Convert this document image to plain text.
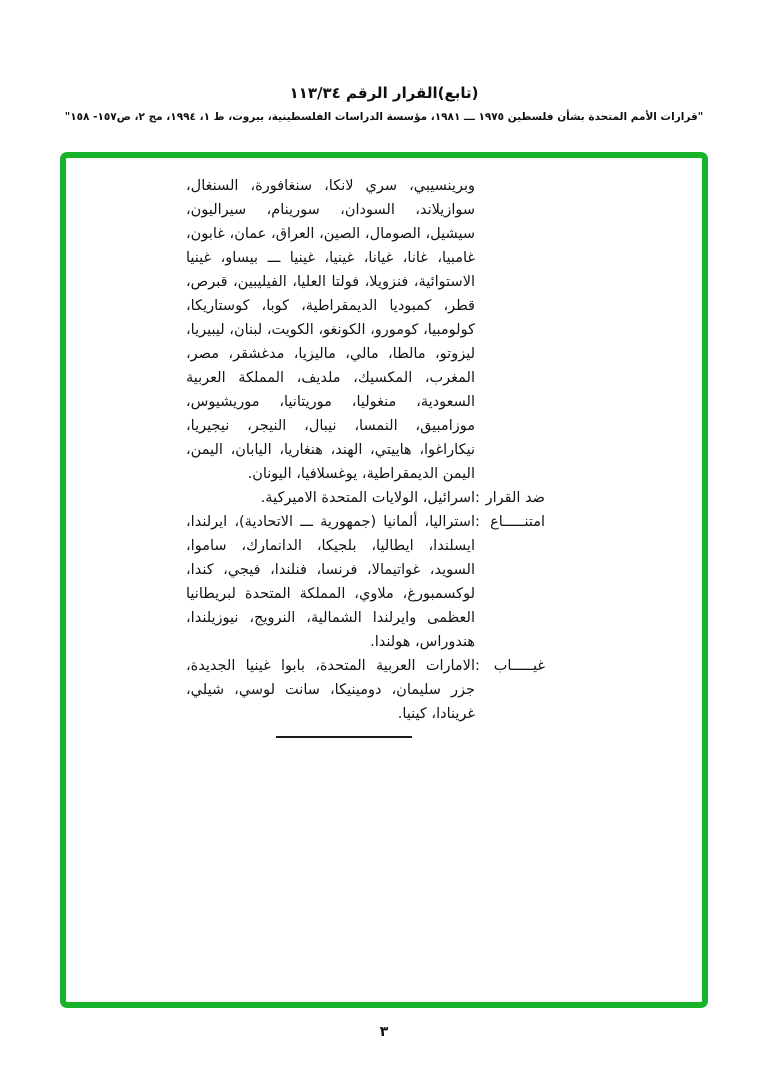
(تابع)القرار الرقم ١١٣/٣٤
"قرارات الأمم المتحدة بشأن فلسطين ١٩٧٥ ـــ ١٩٨١، مؤسسة الدراسات الفلسطينية، بيروت، ط ١، ١٩٩٤، مج ٢، ص١٥٧- ١٥٨"

وبرينسيبي، سري لانكا، سنغافورة، السنغال، سوازيلاند، السودان، سورينام، سيراليون، سيشيل، الصومال، الصين، العراق، عمان، غابون، غامبيا، غانا، غيانا، غينيا، غينيا ـــ بيساو، غينيا الاستوائية، فنزويلا، فولتا العليا، الفيليبين، قبرص، قطر، كمبوديا الديمقراطية، كوبا، كوستاريكا، كولومبيا، كومورو، الكونغو، الكويت، لبنان، ليبيريا، ليزوتو، مالطا، مالي، ماليزيا، مدغشقر، مصر، المغرب، المكسيك، ملديف، المملكة العربية السعودية، منغوليا، موريتانيا، موريشيوس، موزامبيق، النمسا، نيبال، النيجر، نيجيريا، نيكاراغوا، هاييتي، الهند، هنغاريا، اليابان، اليمن، اليمن الديمقراطية، يوغسلافيا، اليونان.

ضد القرار
:
اسرائيل، الولايات المتحدة الاميركية.
امتنـــــاع
:
استراليا، ألمانيا (جمهورية ـــ الاتحادية)، ايرلندا، ايسلندا، ايطاليا، بلجيكا، الدانمارك، ساموا، السويد، غواتيمالا، فرنسا، فنلندا، فيجي، كندا، لوكسمبورغ، ملاوي، المملكة المتحدة لبريطانيا العظمى وايرلندا الشمالية، النرويج، نيوزيلندا، هندوراس، هولندا.
غيـــــاب
:
الامارات العربية المتحدة، بابوا غينيا الجديدة، جزر سليمان، دومينيكا، سانت لوسي، شيلي، غرينادا، كينيا.
٣
